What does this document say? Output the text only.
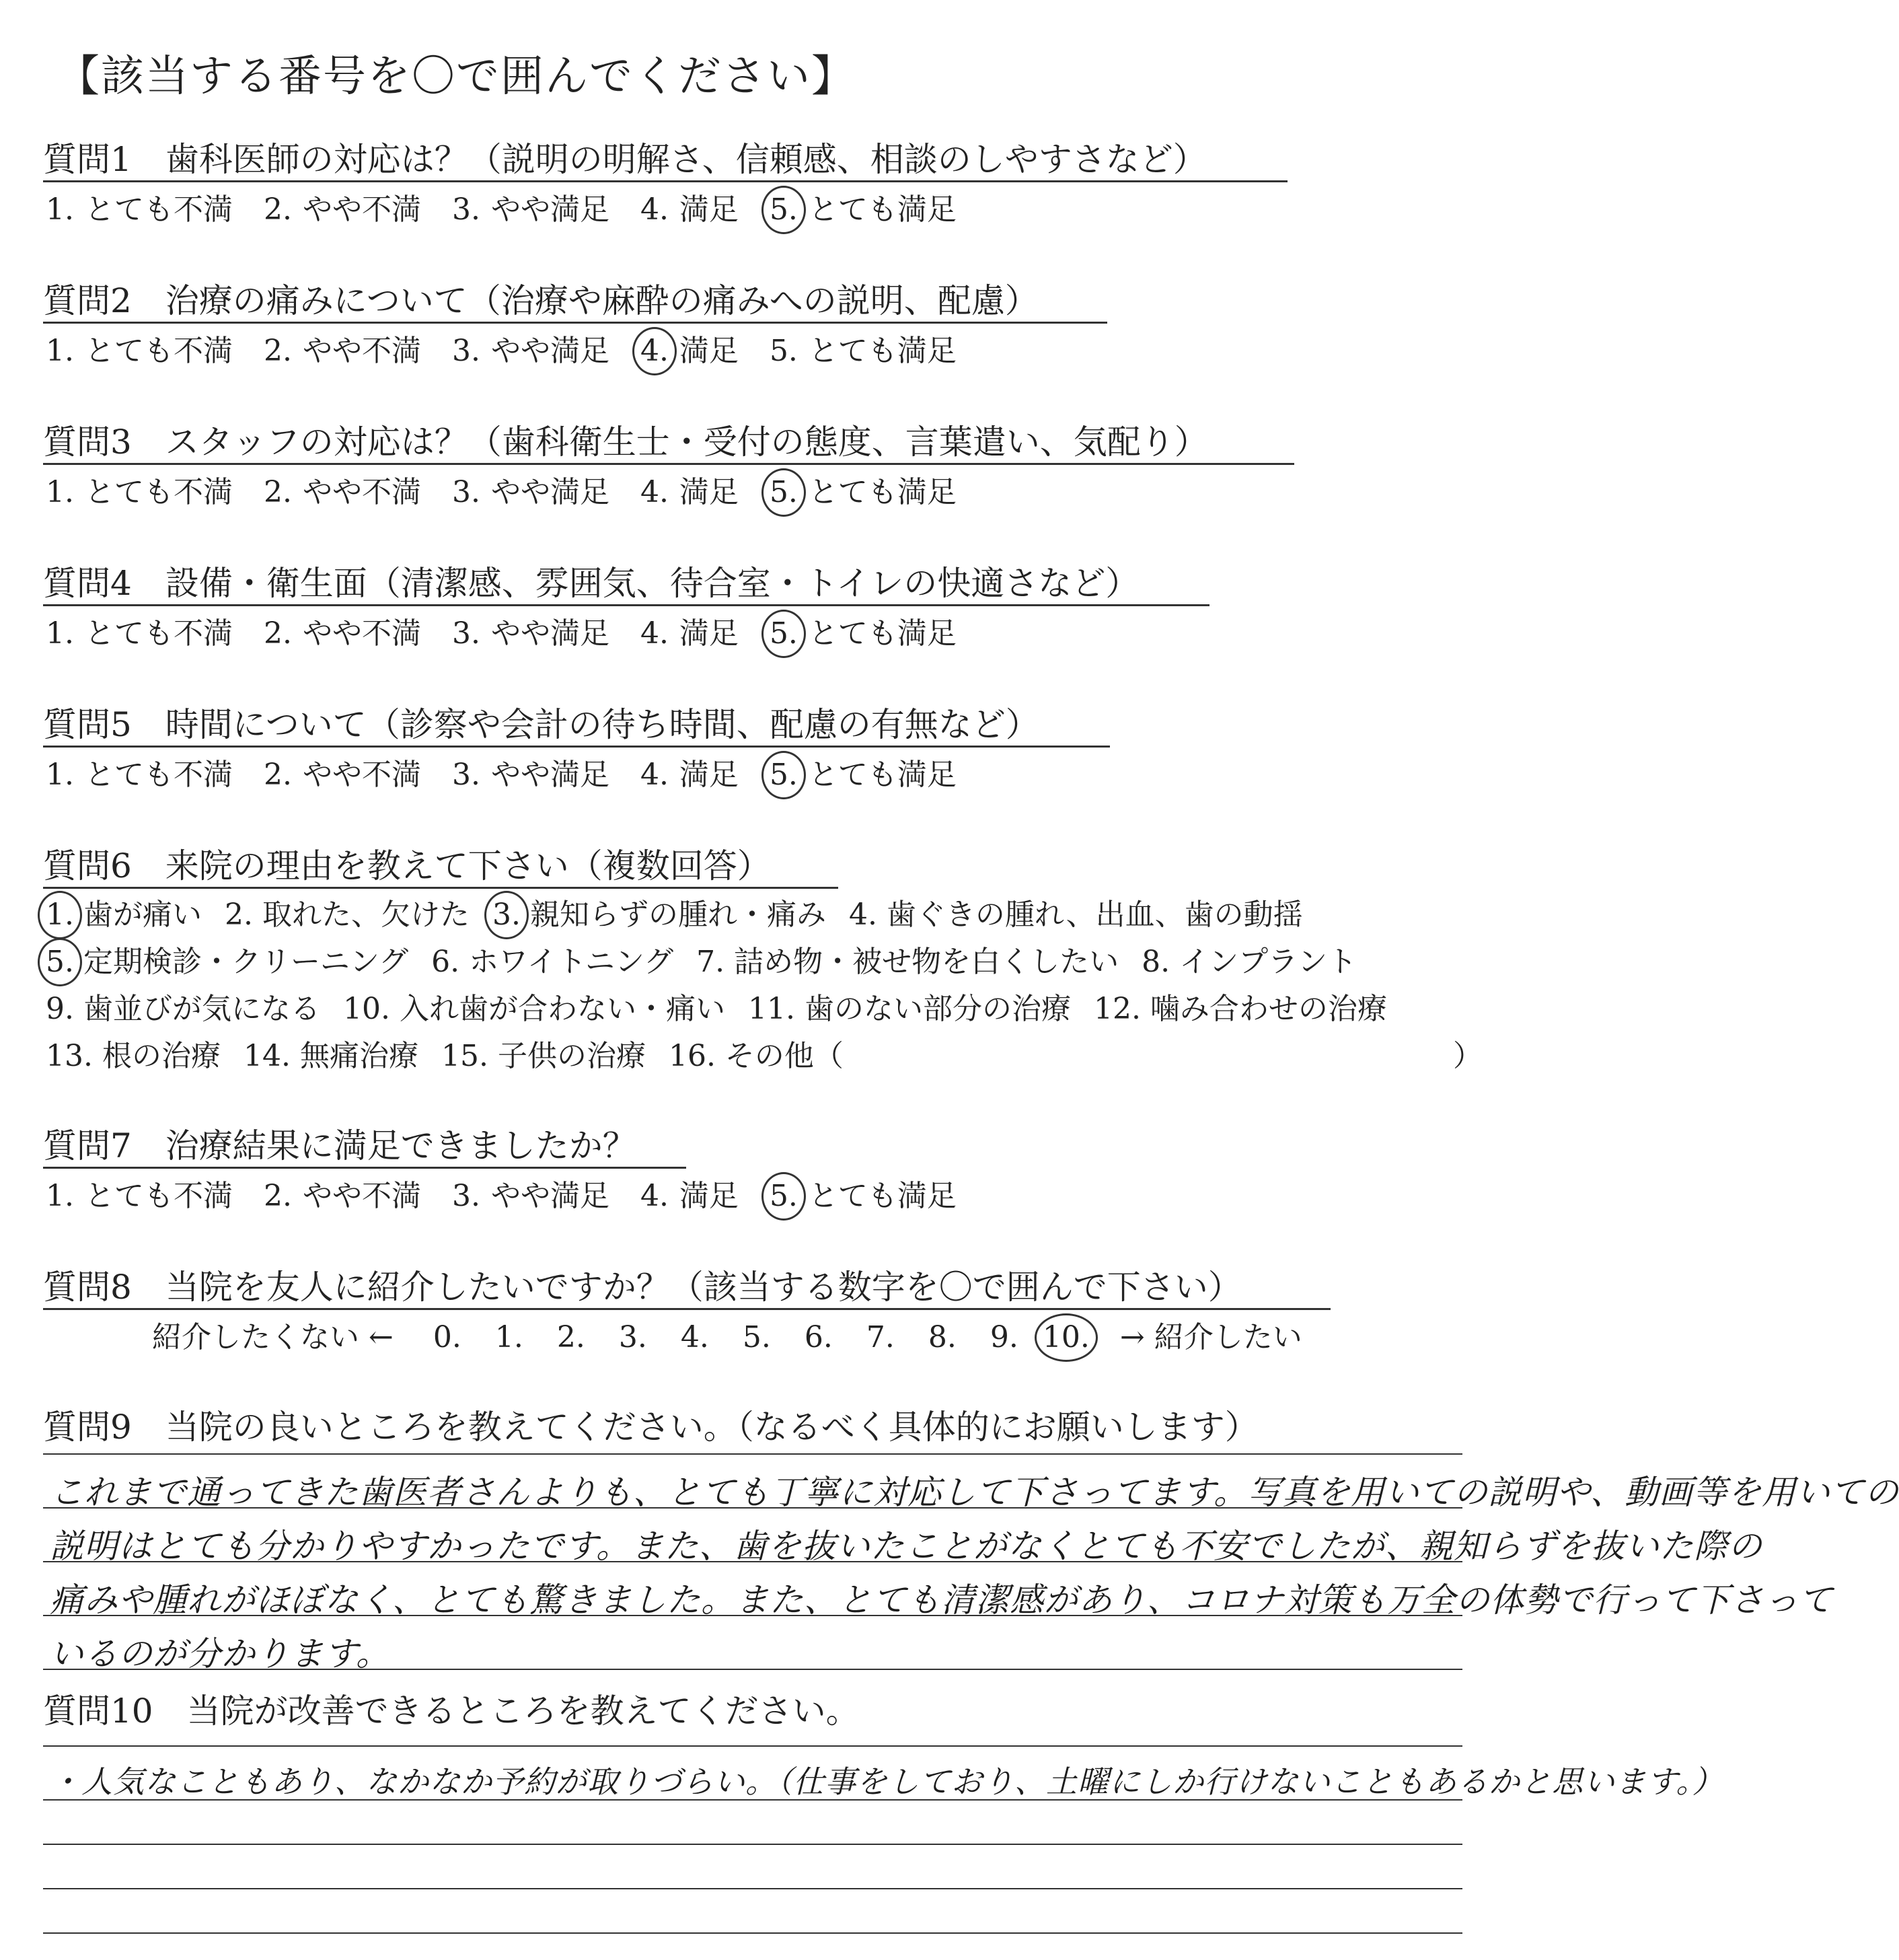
【該当する番号を〇で囲んでください】
質問1　歯科医師の対応は？（説明の明解さ、信頼感、相談のしやすさなど）
1. とても不満 2. やや不満 3. やや満足 4. 満足 5. とても満足
質問2　治療の痛みについて（治療や麻酔の痛みへの説明、配慮）
1. とても不満 2. やや不満 3. やや満足 4. 満足 5. とても満足
質問3　スタッフの対応は？（歯科衛生士・受付の態度、言葉遣い、気配り）
1. とても不満 2. やや不満 3. やや満足 4. 満足 5. とても満足
質問4　設備・衛生面（清潔感、雰囲気、待合室・トイレの快適さなど）
1. とても不満 2. やや不満 3. やや満足 4. 満足 5. とても満足
質問5　時間について（診察や会計の待ち時間、配慮の有無など）
1. とても不満 2. やや不満 3. やや満足 4. 満足 5. とても満足
質問6　来院の理由を教えて下さい（複数回答）
1. 歯が痛い 2. 取れた、欠けた 3. 親知らずの腫れ・痛み 4. 歯ぐきの腫れ、出血、歯の動揺
5. 定期検診・クリーニング 6. ホワイトニング 7. 詰め物・被せ物を白くしたい 8. インプラント
9. 歯並びが気になる 10. 入れ歯が合わない・痛い 11. 歯のない部分の治療 12. 噛み合わせの治療
13. 根の治療 14. 無痛治療 15. 子供の治療 16. その他（	）
質問7　治療結果に満足できましたか？
1. とても不満 2. やや不満 3. やや満足 4. 満足 5. とても満足
質問8　当院を友人に紹介したいですか？（該当する数字を〇で囲んで下さい）
紹介したくない ← 0. 1. 2. 3. 4. 5. 6. 7. 8. 9. 10. → 紹介したい
質問9　当院の良いところを教えてください。（なるべく具体的にお願いします）
これまで通ってきた歯医者さんよりも、とても丁寧に対応して下さってます。写真を用いての説明や、動画等を用いての
説明はとても分かりやすかったです。また、歯を抜いたことがなくとても不安でしたが、親知らずを抜いた際の
痛みや腫れがほぼなく、とても驚きました。また、とても清潔感があり、コロナ対策も万全の体勢で行って下さって
いるのが分かります。
質問10　当院が改善できるところを教えてください。
・人気なこともあり、なかなか予約が取りづらい。（仕事をしており、土曜にしか行けないこともあるかと思います。）
